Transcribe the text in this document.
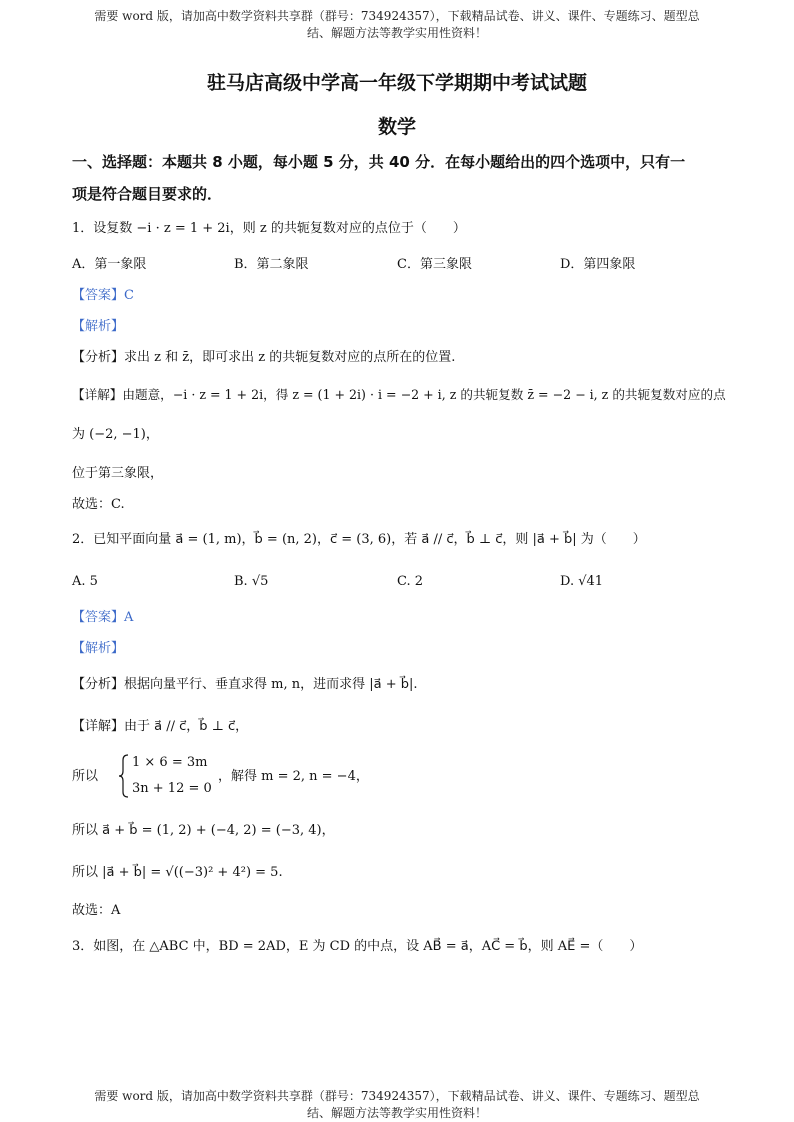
需要 word 版，请加高中数学资料共享群（群号：734924357），下载精品试卷、讲义、课件、专题练习、题型总
结、解题方法等教学实用性资料！
驻马店高级中学高一年级下学期期中考试试题
数学
一、选择题：本题共 8 小题，每小题 5 分，共 40 分．在每小题给出的四个选项中，只有一
项是符合题目要求的．
1．设复数 −i · z = 1 + 2i，则 z 的共轭复数对应的点位于（　　）
A．第一象限	B．第二象限	C．第三象限	D．第四象限
【答案】C
【解析】
【分析】求出 z 和 z̄，即可求出 z 的共轭复数对应的点所在的位置.
【详解】由题意，−i · z = 1 + 2i，得 z = (1 + 2i) · i = −2 + i, z 的共轭复数 z̄ = −2 − i, z 的共轭复数对应的点
为 (−2, −1)，
位于第三象限，
故选：C.
2．已知平面向量 a⃗ = (1, m)，b⃗ = (n, 2)，c⃗ = (3, 6)，若 a⃗ // c⃗，b⃗ ⊥ c⃗，则 |a⃗ + b⃗| 为（　　）
A. 5	B. √5	C. 2	D. √41
【答案】A
【解析】
【分析】根据向量平行、垂直求得 m, n，进而求得 |a⃗ + b⃗|.
【详解】由于 a⃗ // c⃗，b⃗ ⊥ c⃗，
所以
1 × 6 = 3m
3n + 12 = 0
，解得 m = 2, n = −4，
所以 a⃗ + b⃗ = (1, 2) + (−4, 2) = (−3, 4)，
所以 |a⃗ + b⃗| = √((−3)² + 4²) = 5.
故选：A
3．如图，在 △ABC 中，BD = 2AD，E 为 CD 的中点，设 AB⃗ = a⃗，AC⃗ = b⃗，则 AE⃗ =（　　）
需要 word 版，请加高中数学资料共享群（群号：734924357），下载精品试卷、讲义、课件、专题练习、题型总
结、解题方法等教学实用性资料！
